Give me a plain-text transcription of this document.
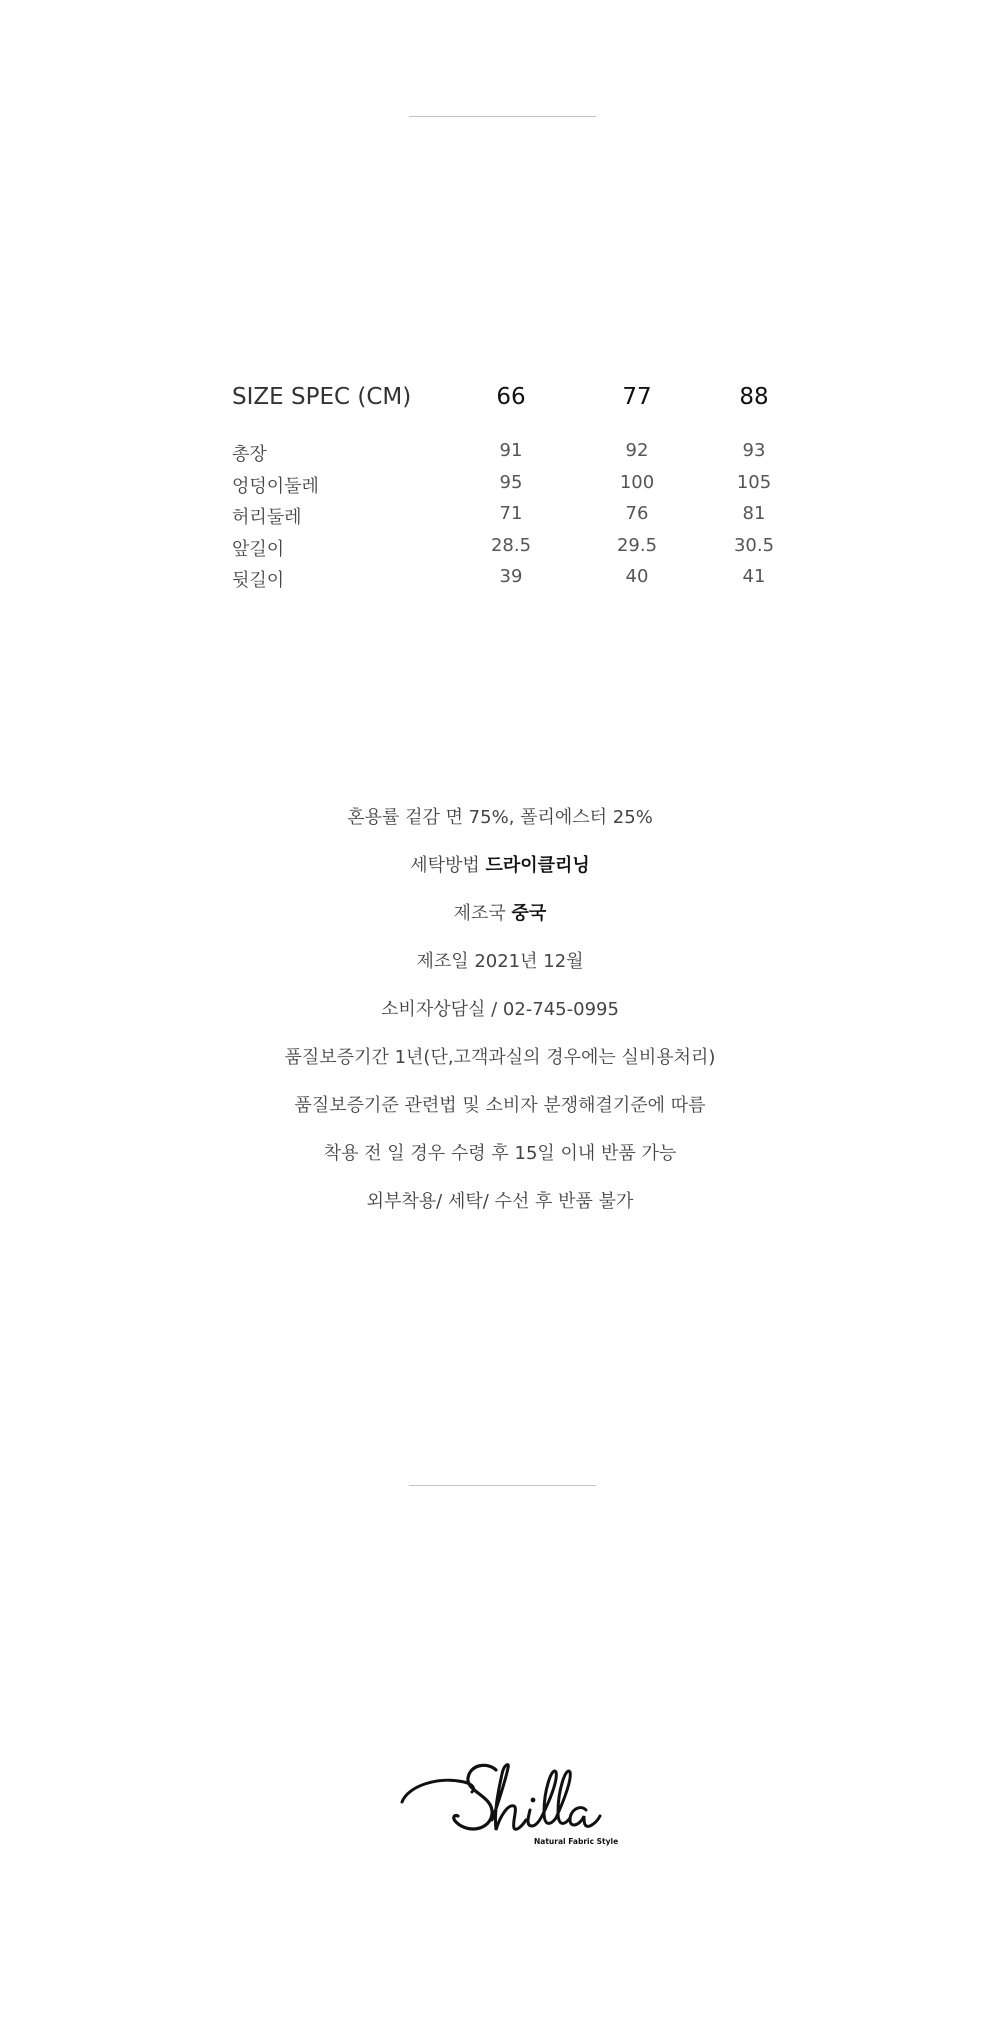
SIZE SPEC (CM)	66	77	88
총장	91	92	93
엉덩이둘레	95	100	105
허리둘레	71	76	81
앞길이	28.5	29.5	30.5
뒷길이	39	40	41
혼용률 겉감 면 75%, 폴리에스터 25%
세탁방법 드라이클리닝
제조국 중국
제조일 2021년 12월
소비자상담실 / 02-745-0995
품질보증기간 1년(단,고객과실의 경우에는 실비용처리)
품질보증기준 관련법 및 소비자 분쟁해결기준에 따름
착용 전 일 경우 수령 후 15일 이내 반품 가능
외부착용/ 세탁/ 수선 후 반품 불가
Natural Fabric Style
